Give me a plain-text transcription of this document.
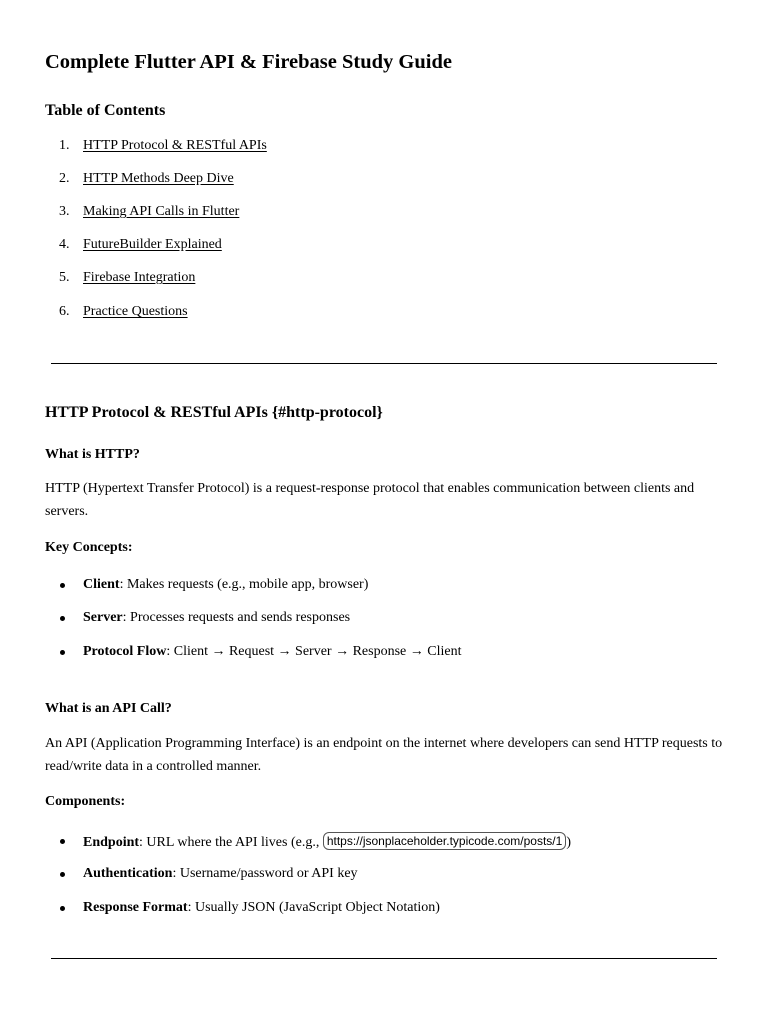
Complete Flutter API & Firebase Study Guide
Table of Contents
1. HTTP Protocol & RESTful APIs
2. HTTP Methods Deep Dive
3. Making API Calls in Flutter
4. FutureBuilder Explained
5. Firebase Integration
6. Practice Questions
HTTP Protocol & RESTful APIs {#http-protocol}
What is HTTP?

HTTP (Hypertext Transfer Protocol) is a request-response protocol that enables communication between clients and servers.

Key Concepts:
Client: Makes requests (e.g., mobile app, browser)
Server: Processes requests and sends responses
Protocol Flow: Client → Request → Server → Response → Client
What is an API Call?

An API (Application Programming Interface) is an endpoint on the internet where developers can send HTTP requests to read/write data in a controlled manner.

Components:
Endpoint: URL where the API lives (e.g., https://jsonplaceholder.typicode.com/posts/1 )
Authentication: Username/password or API key
Response Format: Usually JSON (JavaScript Object Notation)
